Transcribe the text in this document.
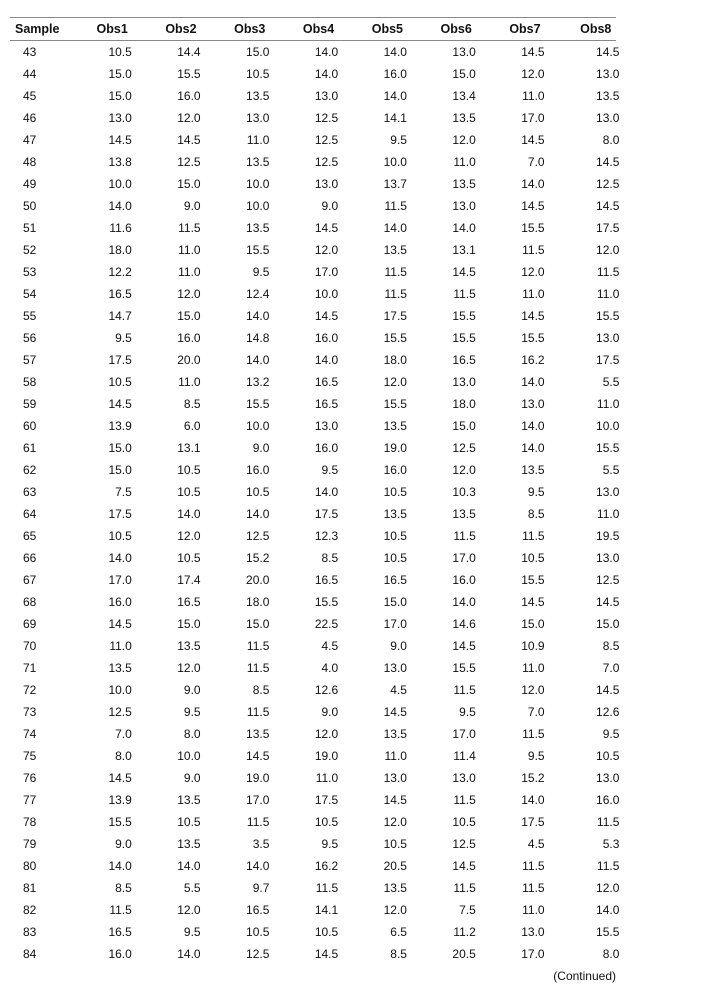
Sample	Obs1	Obs2	Obs3	Obs4	Obs5	Obs6	Obs7	Obs8
43	10.5	14.4	15.0	14.0	14.0	13.0	14.5	14.5
44	15.0	15.5	10.5	14.0	16.0	15.0	12.0	13.0
45	15.0	16.0	13.5	13.0	14.0	13.4	11.0	13.5
46	13.0	12.0	13.0	12.5	14.1	13.5	17.0	13.0
47	14.5	14.5	11.0	12.5	9.5	12.0	14.5	8.0
48	13.8	12.5	13.5	12.5	10.0	11.0	7.0	14.5
49	10.0	15.0	10.0	13.0	13.7	13.5	14.0	12.5
50	14.0	9.0	10.0	9.0	11.5	13.0	14.5	14.5
51	11.6	11.5	13.5	14.5	14.0	14.0	15.5	17.5
52	18.0	11.0	15.5	12.0	13.5	13.1	11.5	12.0
53	12.2	11.0	9.5	17.0	11.5	14.5	12.0	11.5
54	16.5	12.0	12.4	10.0	11.5	11.5	11.0	11.0
55	14.7	15.0	14.0	14.5	17.5	15.5	14.5	15.5
56	9.5	16.0	14.8	16.0	15.5	15.5	15.5	13.0
57	17.5	20.0	14.0	14.0	18.0	16.5	16.2	17.5
58	10.5	11.0	13.2	16.5	12.0	13.0	14.0	5.5
59	14.5	8.5	15.5	16.5	15.5	18.0	13.0	11.0
60	13.9	6.0	10.0	13.0	13.5	15.0	14.0	10.0
61	15.0	13.1	9.0	16.0	19.0	12.5	14.0	15.5
62	15.0	10.5	16.0	9.5	16.0	12.0	13.5	5.5
63	7.5	10.5	10.5	14.0	10.5	10.3	9.5	13.0
64	17.5	14.0	14.0	17.5	13.5	13.5	8.5	11.0
65	10.5	12.0	12.5	12.3	10.5	11.5	11.5	19.5
66	14.0	10.5	15.2	8.5	10.5	17.0	10.5	13.0
67	17.0	17.4	20.0	16.5	16.5	16.0	15.5	12.5
68	16.0	16.5	18.0	15.5	15.0	14.0	14.5	14.5
69	14.5	15.0	15.0	22.5	17.0	14.6	15.0	15.0
70	11.0	13.5	11.5	4.5	9.0	14.5	10.9	8.5
71	13.5	12.0	11.5	4.0	13.0	15.5	11.0	7.0
72	10.0	9.0	8.5	12.6	4.5	11.5	12.0	14.5
73	12.5	9.5	11.5	9.0	14.5	9.5	7.0	12.6
74	7.0	8.0	13.5	12.0	13.5	17.0	11.5	9.5
75	8.0	10.0	14.5	19.0	11.0	11.4	9.5	10.5
76	14.5	9.0	19.0	11.0	13.0	13.0	15.2	13.0
77	13.9	13.5	17.0	17.5	14.5	11.5	14.0	16.0
78	15.5	10.5	11.5	10.5	12.0	10.5	17.5	11.5
79	9.0	13.5	3.5	9.5	10.5	12.5	4.5	5.3
80	14.0	14.0	14.0	16.2	20.5	14.5	11.5	11.5
81	8.5	5.5	9.7	11.5	13.5	11.5	11.5	12.0
82	11.5	12.0	16.5	14.1	12.0	7.5	11.0	14.0
83	16.5	9.5	10.5	10.5	6.5	11.2	13.0	15.5
84	16.0	14.0	12.5	14.5	8.5	20.5	17.0	8.0
(Continued)
